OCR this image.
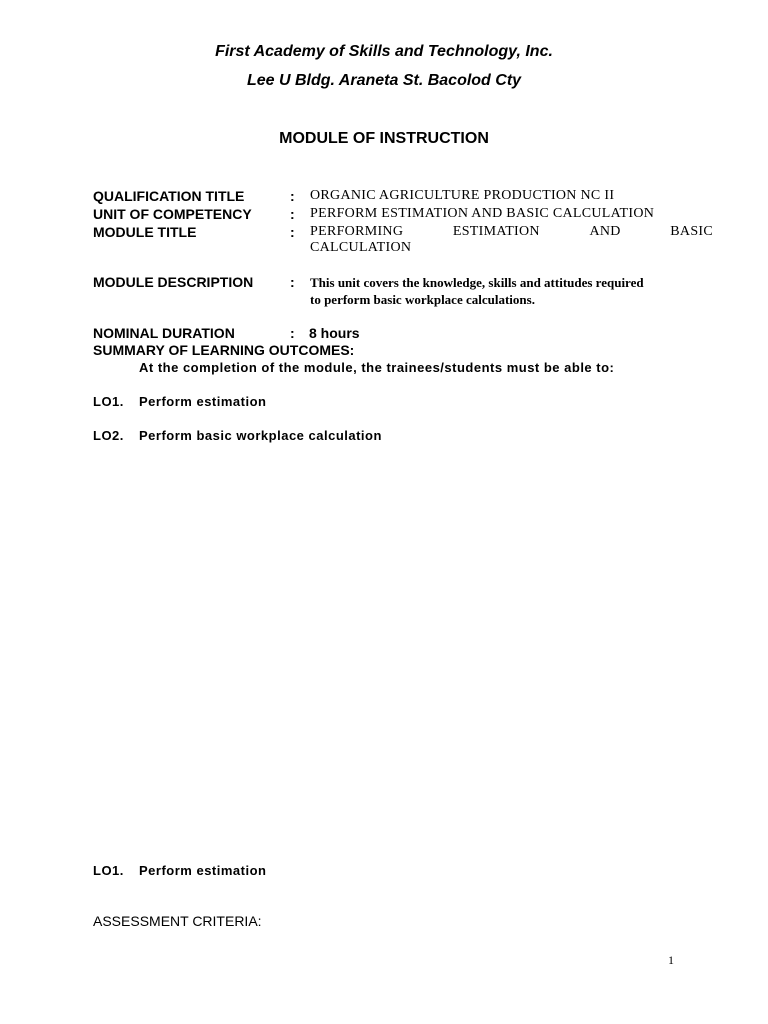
First Academy of Skills and Technology, Inc.
Lee U Bldg. Araneta St. Bacolod Cty
MODULE OF INSTRUCTION
QUALIFICATION TITLE	: ORGANIC AGRICULTURE PRODUCTION NC II
UNIT OF COMPETENCY	: PERFORM ESTIMATION AND BASIC CALCULATION
MODULE TITLE	: PERFORMING	ESTIMATION	AND	BASIC
CALCULATION
MODULE DESCRIPTION	: This unit covers the knowledge, skills and attitudes required
to perform basic workplace calculations.
NOMINAL DURATION	: 8 hours
SUMMARY OF LEARNING OUTCOMES:
At the completion of the module, the trainees/students must be able to:
LO1. Perform estimation
LO2. Perform basic workplace calculation
LO1. Perform estimation
ASSESSMENT CRITERIA:
1
